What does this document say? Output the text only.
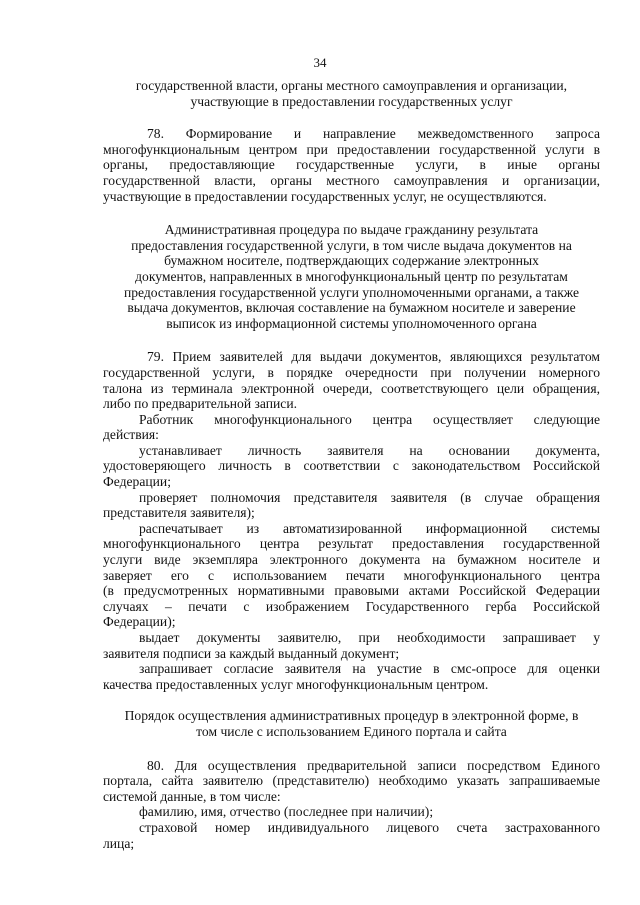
34

государственной власти, органы местного самоуправления и организации,

участвующие в предоставлении государственных услуг

78. Формирование и направление межведомственного запроса

многофункциональным центром при предоставлении государственной услуги в

органы, предоставляющие государственные услуги, в иные органы

государственной власти, органы местного самоуправления и организации,

участвующие в предоставлении государственных услуг, не осуществляются.

Административная процедура по выдаче гражданину результата

предоставления государственной услуги, в том числе выдача документов на

бумажном носителе, подтверждающих содержание электронных

документов, направленных в многофункциональный центр по результатам

предоставления государственной услуги уполномоченными органами, а также

выдача документов, включая составление на бумажном носителе и заверение

выписок из информационной системы уполномоченного органа

79. Прием заявителей для выдачи документов, являющихся результатом

государственной услуги, в порядке очередности при получении номерного

талона из терминала электронной очереди, соответствующего цели обращения,

либо по предварительной записи.

Работник многофункционального центра осуществляет следующие

действия:

устанавливает личность заявителя на основании документа,

удостоверяющего личность в соответствии с законодательством Российской

Федерации;

проверяет полномочия представителя заявителя (в случае обращения

представителя заявителя);

распечатывает из автоматизированной информационной системы

многофункционального центра результат предоставления государственной

услуги виде экземпляра электронного документа на бумажном носителе и

заверяет его с использованием печати многофункционального центра

(в предусмотренных нормативными правовыми актами Российской Федерации

случаях – печати с изображением Государственного герба Российской

Федерации);

выдает документы заявителю, при необходимости запрашивает у

заявителя подписи за каждый выданный документ;

запрашивает согласие заявителя на участие в смс-опросе для оценки

качества предоставленных услуг многофункциональным центром.

Порядок осуществления административных процедур в электронной форме, в

том числе с использованием Единого портала и сайта

80. Для осуществления предварительной записи посредством Единого

портала, сайта заявителю (представителю) необходимо указать запрашиваемые

системой данные, в том числе:

фамилию, имя, отчество (последнее при наличии);

страховой номер индивидуального лицевого счета застрахованного

лица;
